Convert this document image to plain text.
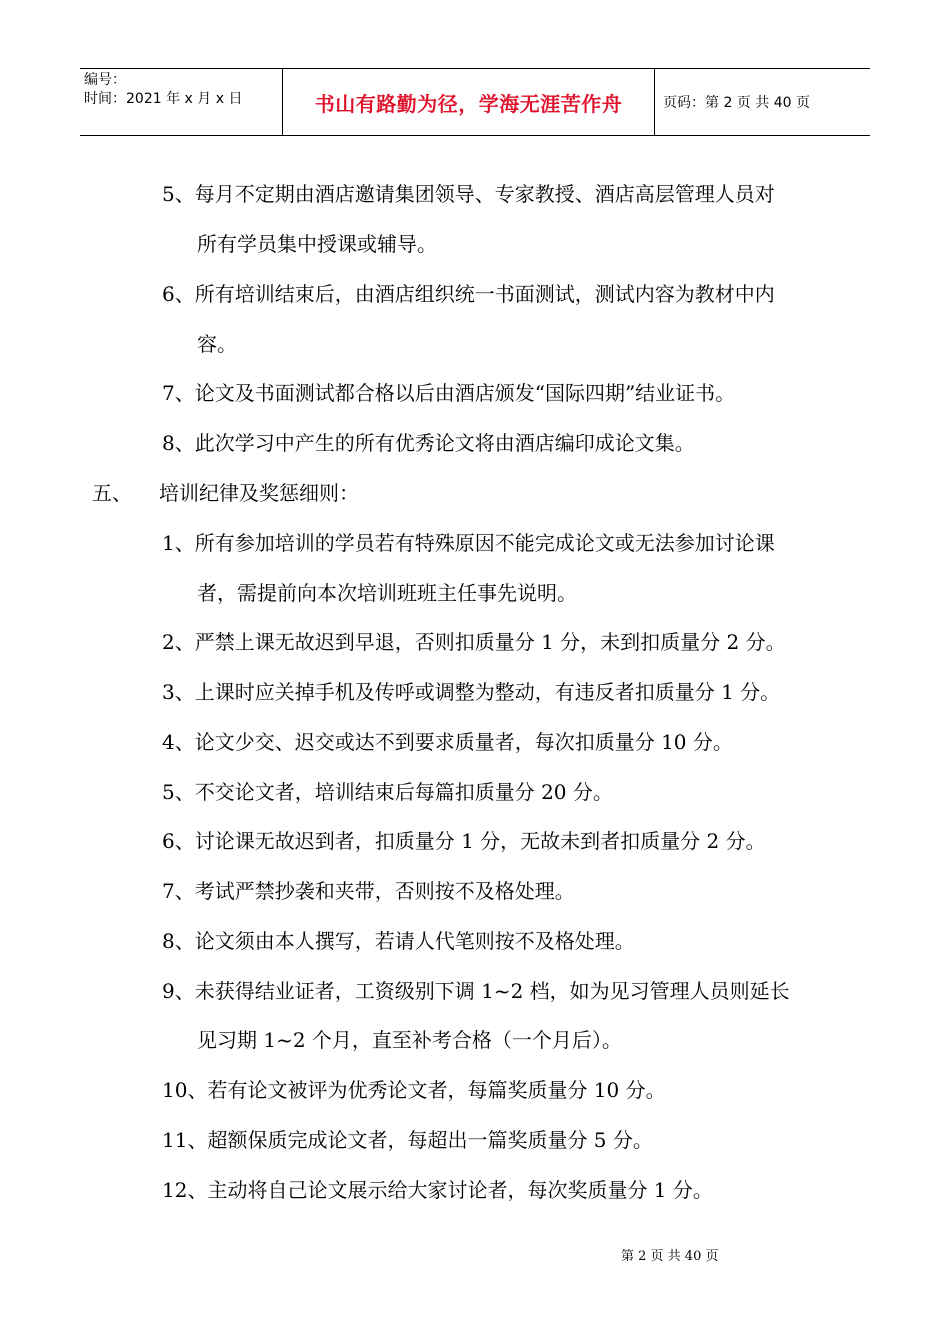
编号：
时间：2021 年 x 月 x 日	书山有路勤为径，学海无涯苦作舟	页码：第 2 页 共 40 页
5、每月不定期由酒店邀请集团领导、专家教授、酒店高层管理人员对
所有学员集中授课或辅导。
6、所有培训结束后，由酒店组织统一书面测试，测试内容为教材中内
容。
7、论文及书面测试都合格以后由酒店颁发“国际四期”结业证书。
8、此次学习中产生的所有优秀论文将由酒店编印成论文集。
五、 培训纪律及奖惩细则：
1、所有参加培训的学员若有特殊原因不能完成论文或无法参加讨论课
者，需提前向本次培训班班主任事先说明。
2、严禁上课无故迟到早退，否则扣质量分 1 分，未到扣质量分 2 分。
3、上课时应关掉手机及传呼或调整为整动，有违反者扣质量分 1 分。
4、论文少交、迟交或达不到要求质量者，每次扣质量分 10 分。
5、不交论文者，培训结束后每篇扣质量分 20 分。
6、讨论课无故迟到者，扣质量分 1 分，无故未到者扣质量分 2 分。
7、考试严禁抄袭和夹带，否则按不及格处理。
8、论文须由本人撰写，若请人代笔则按不及格处理。
9、未获得结业证者，工资级别下调 1~2 档，如为见习管理人员则延长
见习期 1~2 个月，直至补考合格（一个月后）。
10、若有论文被评为优秀论文者，每篇奖质量分 10 分。
11、超额保质完成论文者，每超出一篇奖质量分 5 分。
12、主动将自己论文展示给大家讨论者，每次奖质量分 1 分。
第 2 页 共 40 页
